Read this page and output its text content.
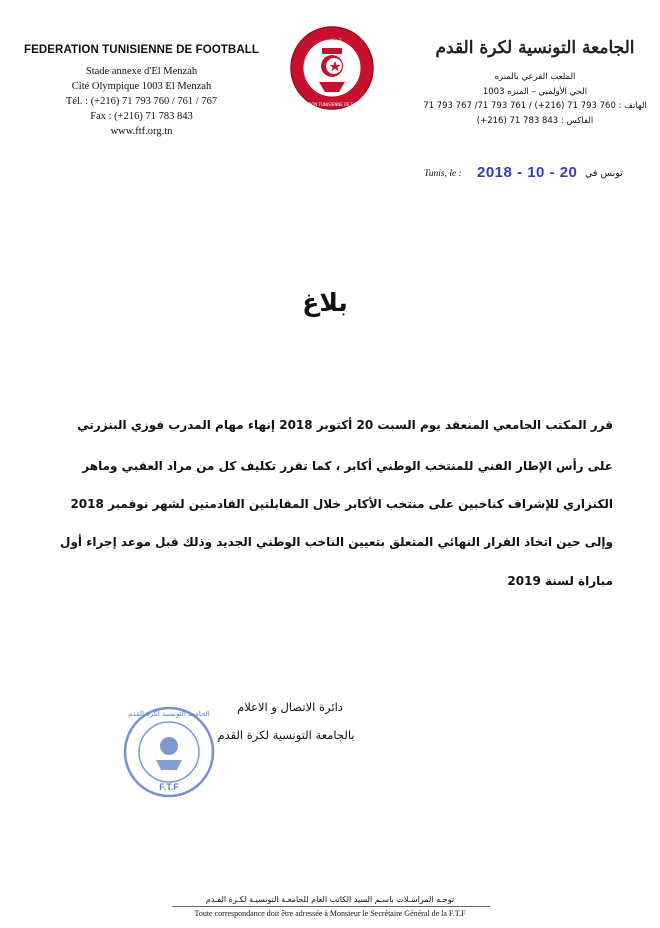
FEDERATION TUNISIENNE DE FOOTBALL
Stade annexe d'El Menzah
Cité Olympique 1003 El Menzah
Tél. : (+216) 71 793 760 / 761 / 767
Fax : (+216) 71 783 843
www.ftf.org.tn
تونس
FEDERATION TUNISIENNE DE FOOTBALL
الجامعة التونسية لكرة القدم
الملعب الفرعي بالمنزه
الحي الأولمبي – المنزه 1003
الهاتف : 760 793 71 (216+) / 761 793 71/ 767 793 71
الفاكس : 843 783 71 (216+)
Tunis, le : 2018 - 10 - 20 تونس في
بلاغ
قرر المكتب الجامعي المنعقد يوم السبت 20 أكتوبر 2018 إنهاء مهام المدرب فوزي البنزرتي
على رأس الإطار الفني للمنتخب الوطني أكابر ، كما تقرر تكليف كل من مراد العقبي وماهر
الكنزاري للإشراف كناخبين على منتخب الأكابر خلال المقابلتين القادمتين لشهر نوفمبر 2018
وإلى حين اتخاذ القرار النهائي المتعلق بتعيين الناخب الوطني الجديد وذلك قبل موعد إجراء أول
مباراة لسنة 2019
الجامعة التونسية لكرة القدم
F.T.F
دائرة الاتصال و الاعلام
بالجامعة التونسية لكرة القدم
توجـه المراسـلات باسـم السيد الكاتب العام للجامعـة التونسيـة لكـرة القـدم
Toute correspondance doit être adressée à Monsieur le Secrétaire Général de la F.T.F
